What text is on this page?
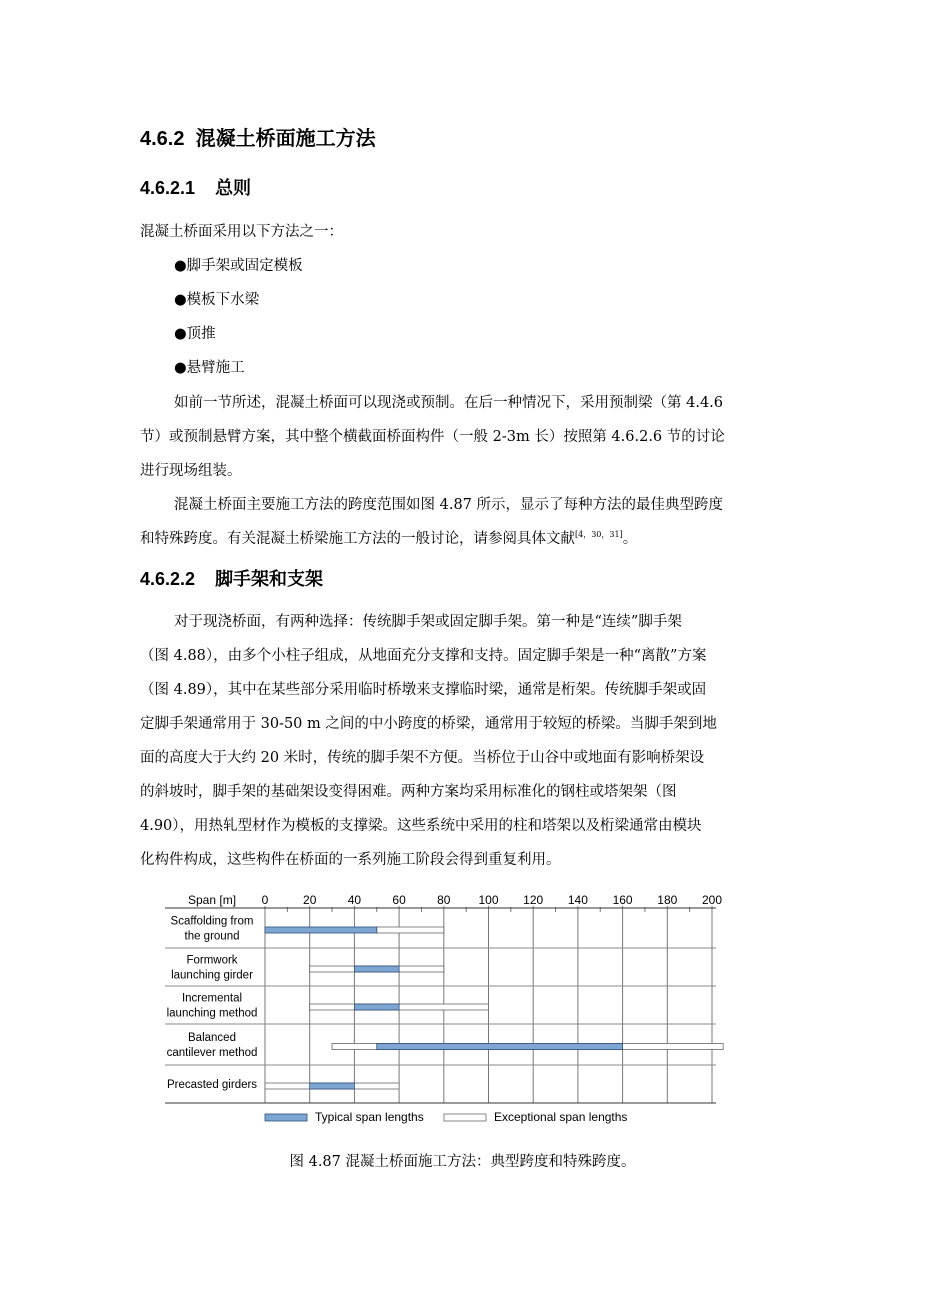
4.6.2 混凝土桥面施工方法
4.6.2.1 总则
混凝土桥面采用以下方法之一：
●脚手架或固定模板
●模板下水梁
●顶推
●悬臂施工
如前一节所述，混凝土桥面可以现浇或预制。在后一种情况下，采用预制梁（第 4.4.6
节）或预制悬臂方案，其中整个横截面桥面构件（一般 2-3m 长）按照第 4.6.2.6 节的讨论
进行现场组装。
混凝土桥面主要施工方法的跨度范围如图 4.87 所示，显示了每种方法的最佳典型跨度
和特殊跨度。有关混凝土桥梁施工方法的一般讨论，请参阅具体文献[4，30，31]。
4.6.2.2 脚手架和支架
对于现浇桥面，有两种选择：传统脚手架或固定脚手架。第一种是“连续”脚手架
（图 4.88），由多个小柱子组成，从地面充分支撑和支持。固定脚手架是一种“离散”方案
（图 4.89），其中在某些部分采用临时桥墩来支撑临时梁，通常是桁架。传统脚手架或固
定脚手架通常用于 30-50 m 之间的中小跨度的桥梁，通常用于较短的桥梁。当脚手架到地
面的高度大于大约 20 米时，传统的脚手架不方便。当桥位于山谷中或地面有影响桥架设
的斜坡时，脚手架的基础架设变得困难。两种方案均采用标准化的钢柱或塔架架（图
4.90），用热轧型材作为模板的支撑梁。这些系统中采用的柱和塔架以及桁梁通常由模块
化构件构成，这些构件在桥面的一系列施工阶段会得到重复利用。
Span [m] 0	20	40	60	80 100 120 140 160 180 200
Scaffolding from
the ground
Formwork
launching girder
Incremental
launching method
Balanced
cantilever method
Precasted girders
Typical span lengths	Exceptional span lengths
图 4.87 混凝土桥面施工方法：典型跨度和特殊跨度。
